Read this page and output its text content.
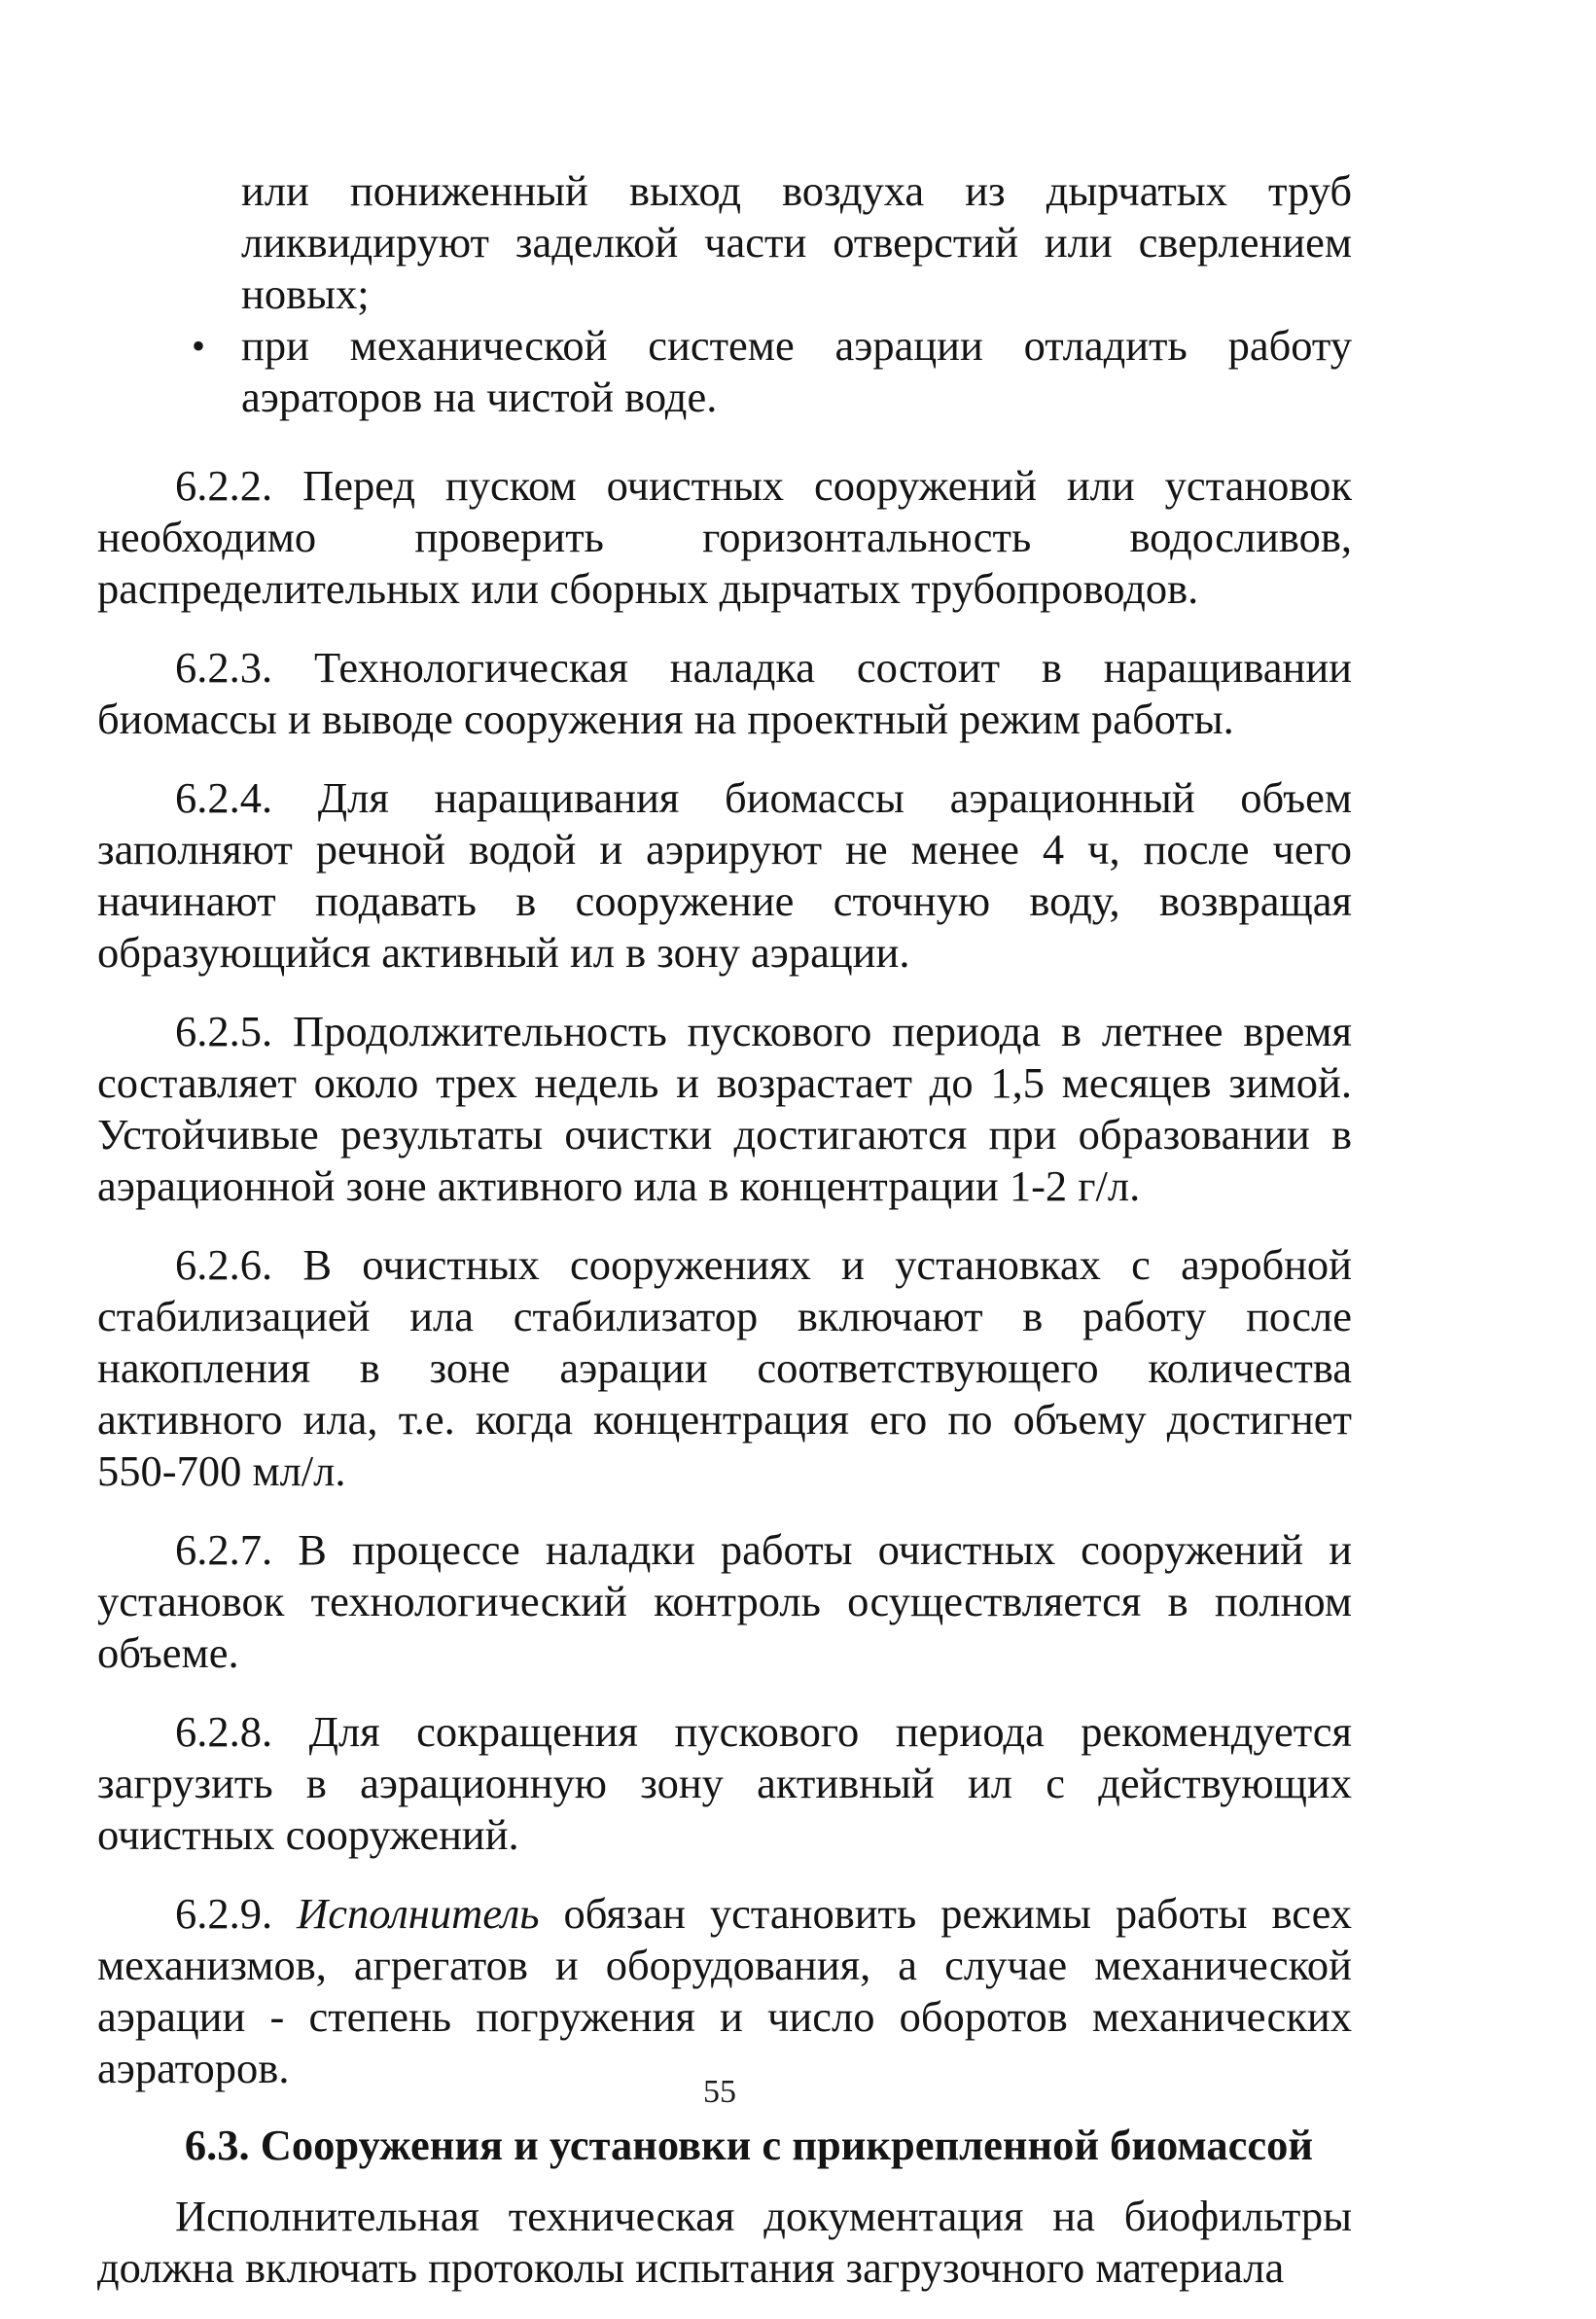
или пониженный выход воздуха из дырчатых труб ликвидируют заделкой части отверстий или сверлением новых;

• при механической системе аэрации отладить работу аэраторов на чистой воде.

6.2.2. Перед пуском очистных сооружений или установок необходимо проверить горизонтальность водосливов, распределительных или сборных дырчатых трубопроводов.

6.2.3. Технологическая наладка состоит в наращивании биомассы и выводе сооружения на проектный режим работы.

6.2.4. Для наращивания биомассы аэрационный объем заполняют речной водой и аэрируют не менее 4 ч, после чего начинают подавать в сооружение сточную воду, возвращая образующийся активный ил в зону аэрации.

6.2.5. Продолжительность пускового периода в летнее время составляет около трех недель и возрастает до 1,5 месяцев зимой. Устойчивые результаты очистки достигаются при образовании в аэрационной зоне активного ила в концентрации 1-2 г/л.

6.2.6. В очистных сооружениях и установках с аэробной стабилизацией ила стабилизатор включают в работу после накопления в зоне аэрации соответствующего количества активного ила, т.е. когда концентрация его по объему достигнет 550-700 мл/л.

6.2.7. В процессе наладки работы очистных сооружений и установок технологический контроль осуществляется в полном объеме.

6.2.8. Для сокращения пускового периода рекомендуется загрузить в аэрационную зону активный ил с действующих очистных сооружений.

6.2.9. Исполнитель обязан установить режимы работы всех механизмов, агрегатов и оборудования, а случае механической аэрации - степень погружения и число оборотов механических аэраторов.

6.3. Сооружения и установки с прикрепленной биомассой

Исполнительная техническая документация на биофильтры должна включать протоколы испытания загрузочного материала

55
